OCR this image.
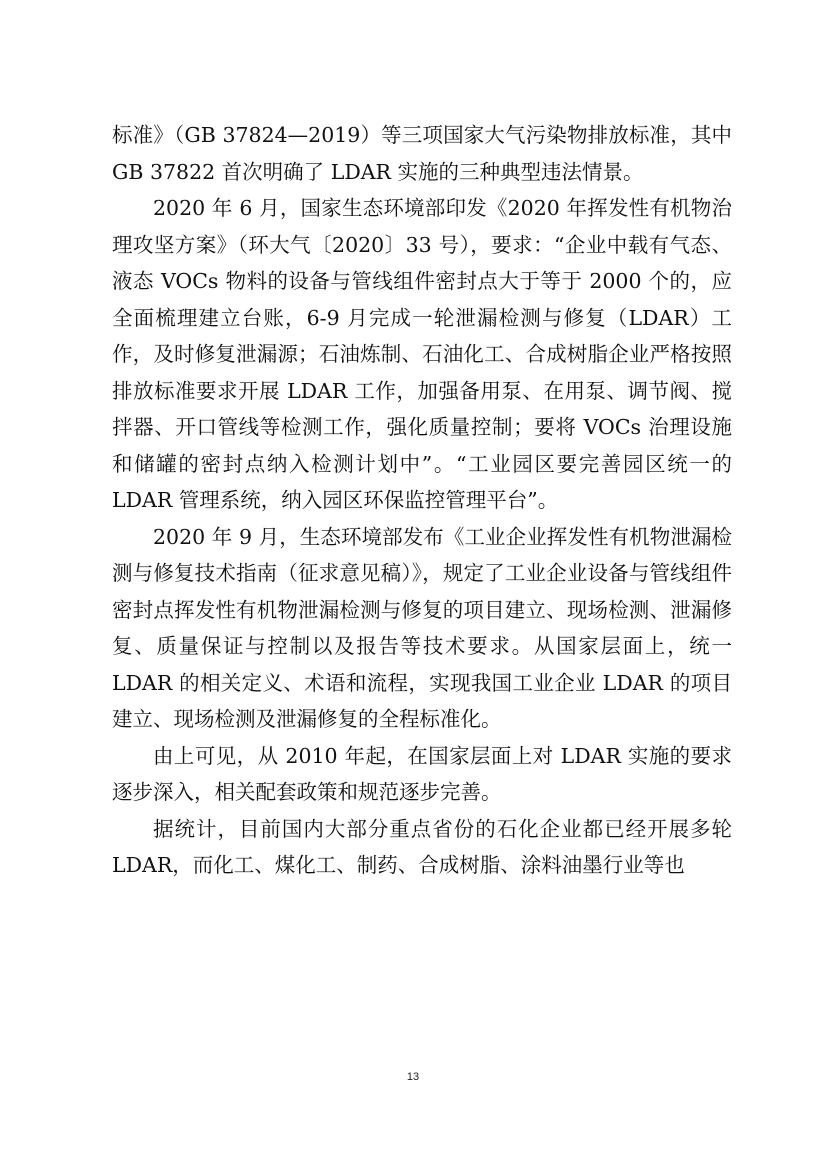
标准》（GB 37824—2019）等三项国家大气污染物排放标准，其中 GB 37822 首次明确了 LDAR 实施的三种典型违法情景。

2020 年 6 月，国家生态环境部印发《2020 年挥发性有机物治理攻坚方案》（环大气〔2020〕33 号），要求：“企业中载有气态、液态 VOCs 物料的设备与管线组件密封点大于等于 2000 个的，应全面梳理建立台账，6-9 月完成一轮泄漏检测与修复（LDAR）工作，及时修复泄漏源；石油炼制、石油化工、合成树脂企业严格按照排放标准要求开展 LDAR 工作，加强备用泵、在用泵、调节阀、搅拌器、开口管线等检测工作，强化质量控制；要将 VOCs 治理设施和储罐的密封点纳入检测计划中”。“工业园区要完善园区统一的 LDAR 管理系统，纳入园区环保监控管理平台”。

2020 年 9 月，生态环境部发布《工业企业挥发性有机物泄漏检测与修复技术指南（征求意见稿）》，规定了工业企业设备与管线组件密封点挥发性有机物泄漏检测与修复的项目建立、现场检测、泄漏修复、质量保证与控制以及报告等技术要求。从国家层面上，统一 LDAR 的相关定义、术语和流程，实现我国工业企业 LDAR 的项目建立、现场检测及泄漏修复的全程标准化。

由上可见，从 2010 年起，在国家层面上对 LDAR 实施的要求逐步深入，相关配套政策和规范逐步完善。

据统计，目前国内大部分重点省份的石化企业都已经开展多轮 LDAR，而化工、煤化工、制药、合成树脂、涂料油墨行业等也

13
